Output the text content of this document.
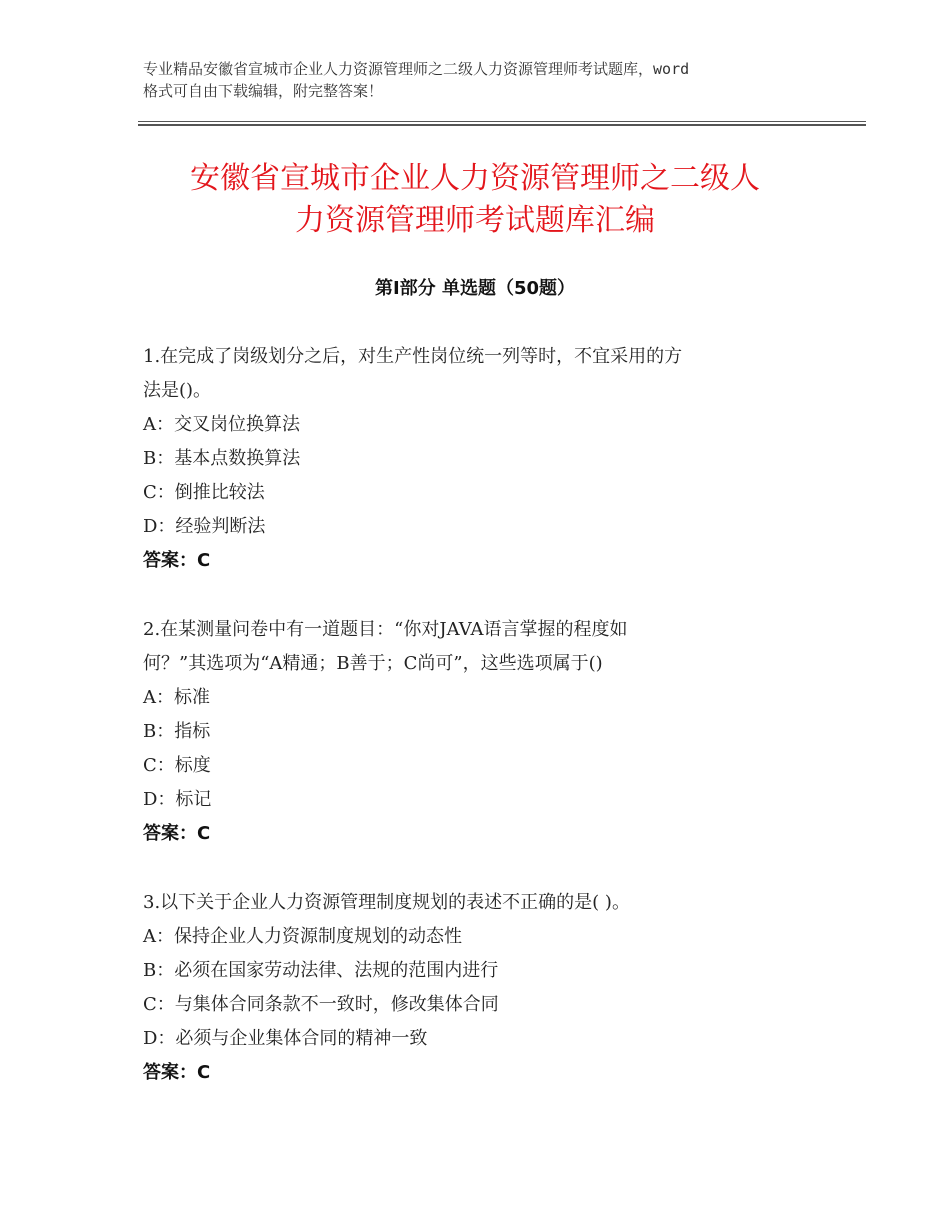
专业精品安徽省宣城市企业人力资源管理师之二级人力资源管理师考试题库，word
格式可自由下载编辑，附完整答案！
安徽省宣城市企业人力资源管理师之二级人
力资源管理师考试题库汇编
第Ⅰ部分 单选题（50题）
1.在完成了岗级划分之后，对生产性岗位统一列等时，不宜采用的方
法是()。
A：交叉岗位换算法
B：基本点数换算法
C：倒推比较法
D：经验判断法
答案：C
2.在某测量问卷中有一道题目：“你对JAVA语言掌握的程度如
何？”其选项为“A精通；B善于；C尚可”，这些选项属于()
A：标准
B：指标
C：标度
D：标记
答案：C
3.以下关于企业人力资源管理制度规划的表述不正确的是( )。
A：保持企业人力资源制度规划的动态性
B：必须在国家劳动法律、法规的范围内进行
C：与集体合同条款不一致时，修改集体合同
D：必须与企业集体合同的精神一致
答案：C
